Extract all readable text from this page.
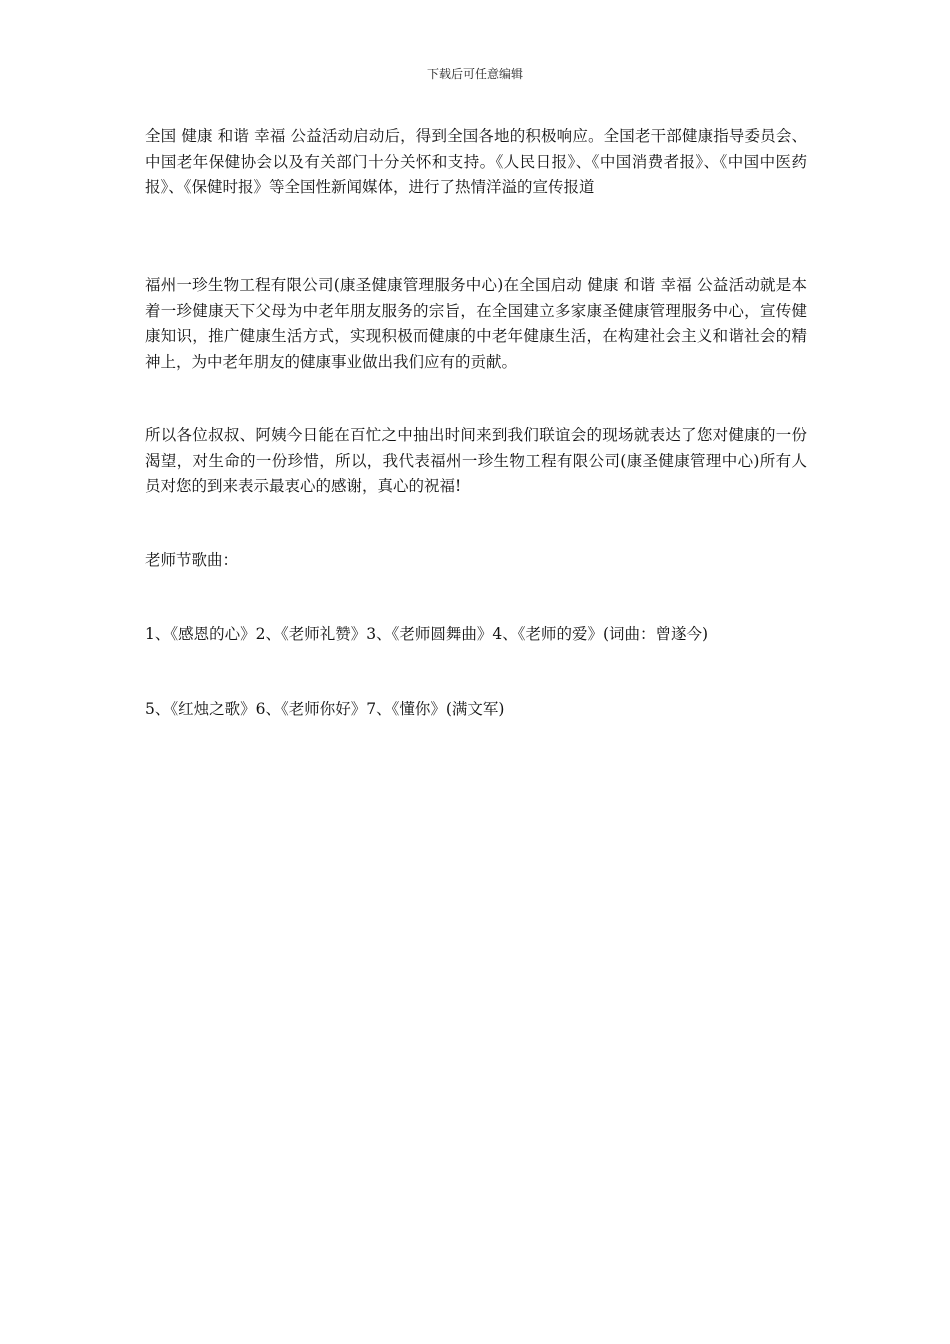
下载后可任意编辑

全国 健康 和谐 幸福 公益活动启动后，得到全国各地的积极响应。全国老干部健康指导委员会、中国老年保健协会以及有关部门十分关怀和支持。《人民日报》、《中国消费者报》、《中国中医药报》、《保健时报》等全国性新闻媒体，进行了热情洋溢的宣传报道

福州一珍生物工程有限公司(康圣健康管理服务中心)在全国启动 健康 和谐 幸福 公益活动就是本着一珍健康天下父母为中老年朋友服务的宗旨，在全国建立多家康圣健康管理服务中心，宣传健康知识，推广健康生活方式，实现积极而健康的中老年健康生活，在构建社会主义和谐社会的精神上，为中老年朋友的健康事业做出我们应有的贡献。

所以各位叔叔、阿姨今日能在百忙之中抽出时间来到我们联谊会的现场就表达了您对健康的一份渴望，对生命的一份珍惜，所以，我代表福州一珍生物工程有限公司(康圣健康管理中心)所有人员对您的到来表示最衷心的感谢，真心的祝福!

老师节歌曲：

1、《感恩的心》2、《老师礼赞》3、《老师圆舞曲》4、《老师的爱》(词曲：曾遂今)

5、《红烛之歌》6、《老师你好》7、《懂你》(满文军)
